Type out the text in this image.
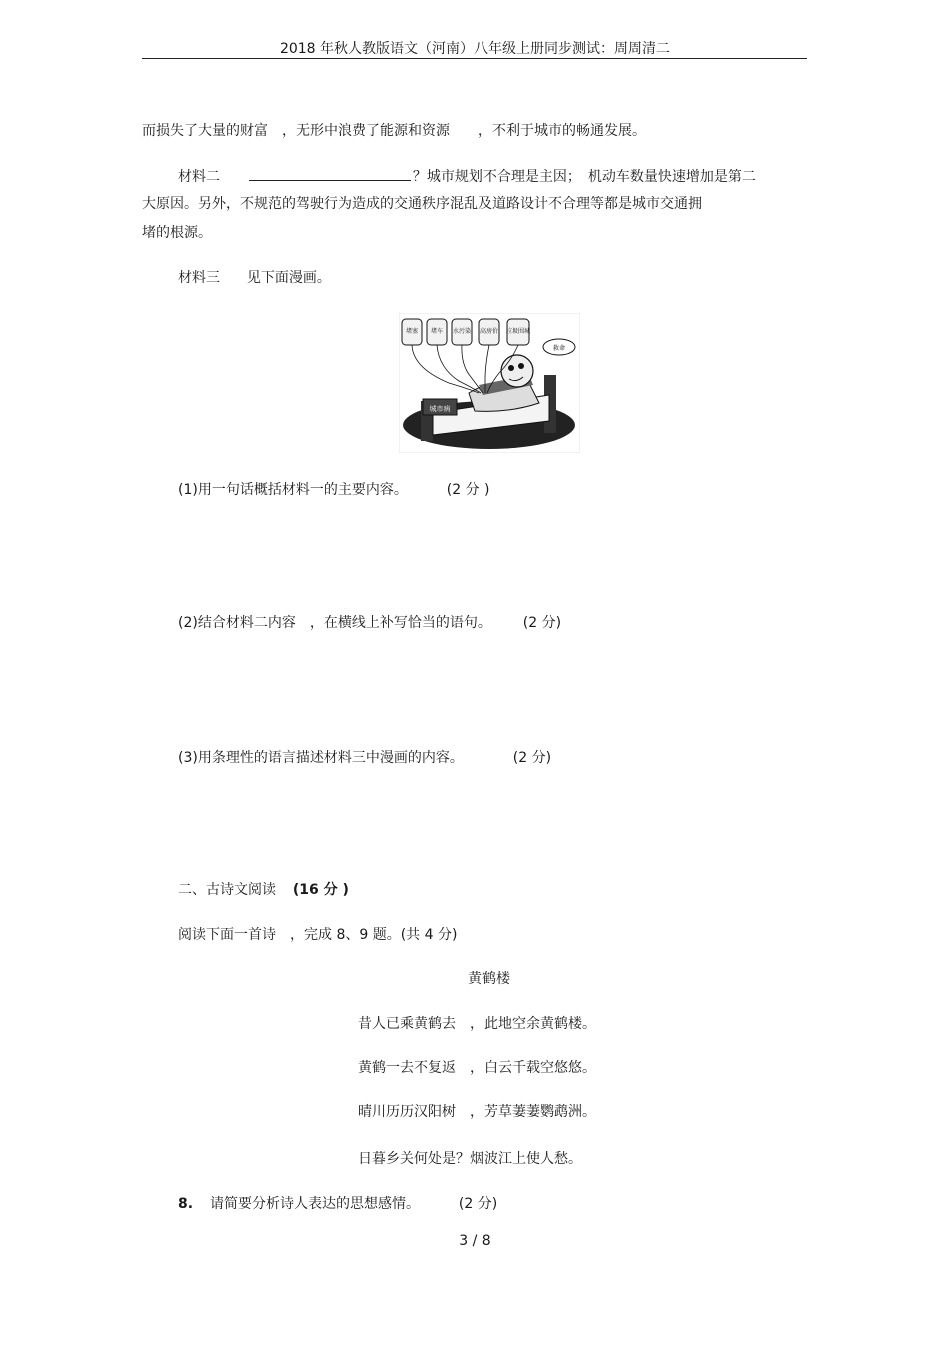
2018 年秋人教版语文（河南）八年级上册同步测试：周周清二
而损失了大量的财富　，无形中浪费了能源和资源　　，不利于城市的畅通发展。
材料二	？城市规划不合理是主因；　机动车数量快速增加是第二
大原因。另外，不规范的驾驶行为造成的交通秩序混乱及道路设计不合理等都是城市交通拥
堵的根源。
材料三 见下面漫画。
城市病
救命
堵塞 堵车 水污染 高房价 垃圾围城
(1)用一句话概括材料一的主要内容。	(2 分 )
(2)结合材料二内容　，在横线上补写恰当的语句。 (2 分)
(3)用条理性的语言描述材料三中漫画的内容。	(2 分)
二、古诗文阅读 (16 分 )
阅读下面一首诗　，完成 8、9 题。(共 4 分)
黄鹤楼
昔人已乘黄鹤去　，此地空余黄鹤楼。
黄鹤一去不复返　，白云千载空悠悠。
晴川历历汉阳树　，芳草萋萋鹦鹉洲。
日暮乡关何处是？烟波江上使人愁。
8. 请简要分析诗人表达的思想感情。	(2 分)
3 / 8
